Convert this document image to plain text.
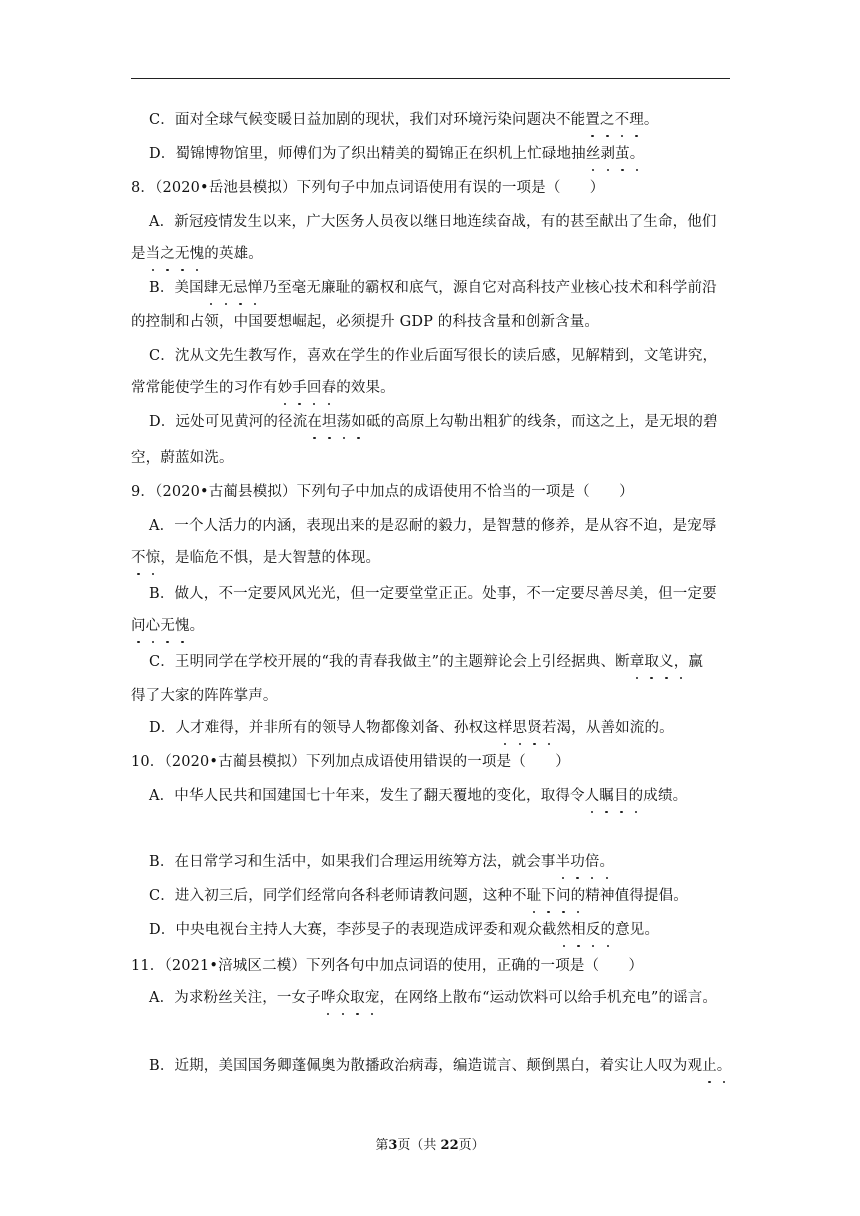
C．面对全球气候变暖日益加剧的现状，我们对环境污染问题决不能置之不理。
D．蜀锦博物馆里，师傅们为了织出精美的蜀锦正在织机上忙碌地抽丝剥茧。
8．（2020•岳池县模拟）下列句子中加点词语使用有误的一项是（　　 ）
A．新冠疫情发生以来，广大医务人员夜以继日地连续奋战，有的甚至献出了生命，他们
是当之无愧的英雄。
B．美国肆无忌惮乃至毫无廉耻的霸权和底气，源自它对高科技产业核心技术和科学前沿
的控制和占领，中国要想崛起，必须提升 GDP 的科技含量和创新含量。
C．沈从文先生教写作，喜欢在学生的作业后面写很长的读后感，见解精到，文笔讲究，
常常能使学生的习作有妙手回春的效果。
D．远处可见黄河的径流在坦荡如砥的高原上勾勒出粗犷的线条，而这之上，是无垠的碧
空，蔚蓝如洗。
9．（2020•古蔺县模拟）下列句子中加点的成语使用不恰当的一项是（　　 ）
A．一个人活力的内涵，表现出来的是忍耐的毅力，是智慧的修养，是从容不迫，是宠辱
不惊，是临危不惧，是大智慧的体现。
B．做人，不一定要风风光光，但一定要堂堂正正。处事，不一定要尽善尽美，但一定要
问心无愧。
C．王明同学在学校开展的“我的青春我做主”的主题辩论会上引经据典、断章取义，赢
得了大家的阵阵掌声。
D．人才难得，并非所有的领导人物都像刘备、孙权这样思贤若渴，从善如流的。
10．（2020•古蔺县模拟）下列加点成语使用错误的一项是（　　 ）
A．中华人民共和国建国七十年来，发生了翻天覆地的变化，取得令人瞩目的成绩。
B．在日常学习和生活中，如果我们合理运用统筹方法，就会事半功倍。
C．进入初三后，同学们经常向各科老师请教问题，这种不耻下问的精神值得提倡。
D．中央电视台主持人大赛，李莎旻子的表现造成评委和观众截然相反的意见。
11．（2021•涪城区二模）下列各句中加点词语的使用，正确的一项是（　　 ）
A．为求粉丝关注，一女子哗众取宠，在网络上散布“运动饮料可以给手机充电”的谣言。
B．近期，美国国务卿蓬佩奥为散播政治病毒，编造谎言、颠倒黑白，着实让人叹为观止。
第3页（共 22页）
